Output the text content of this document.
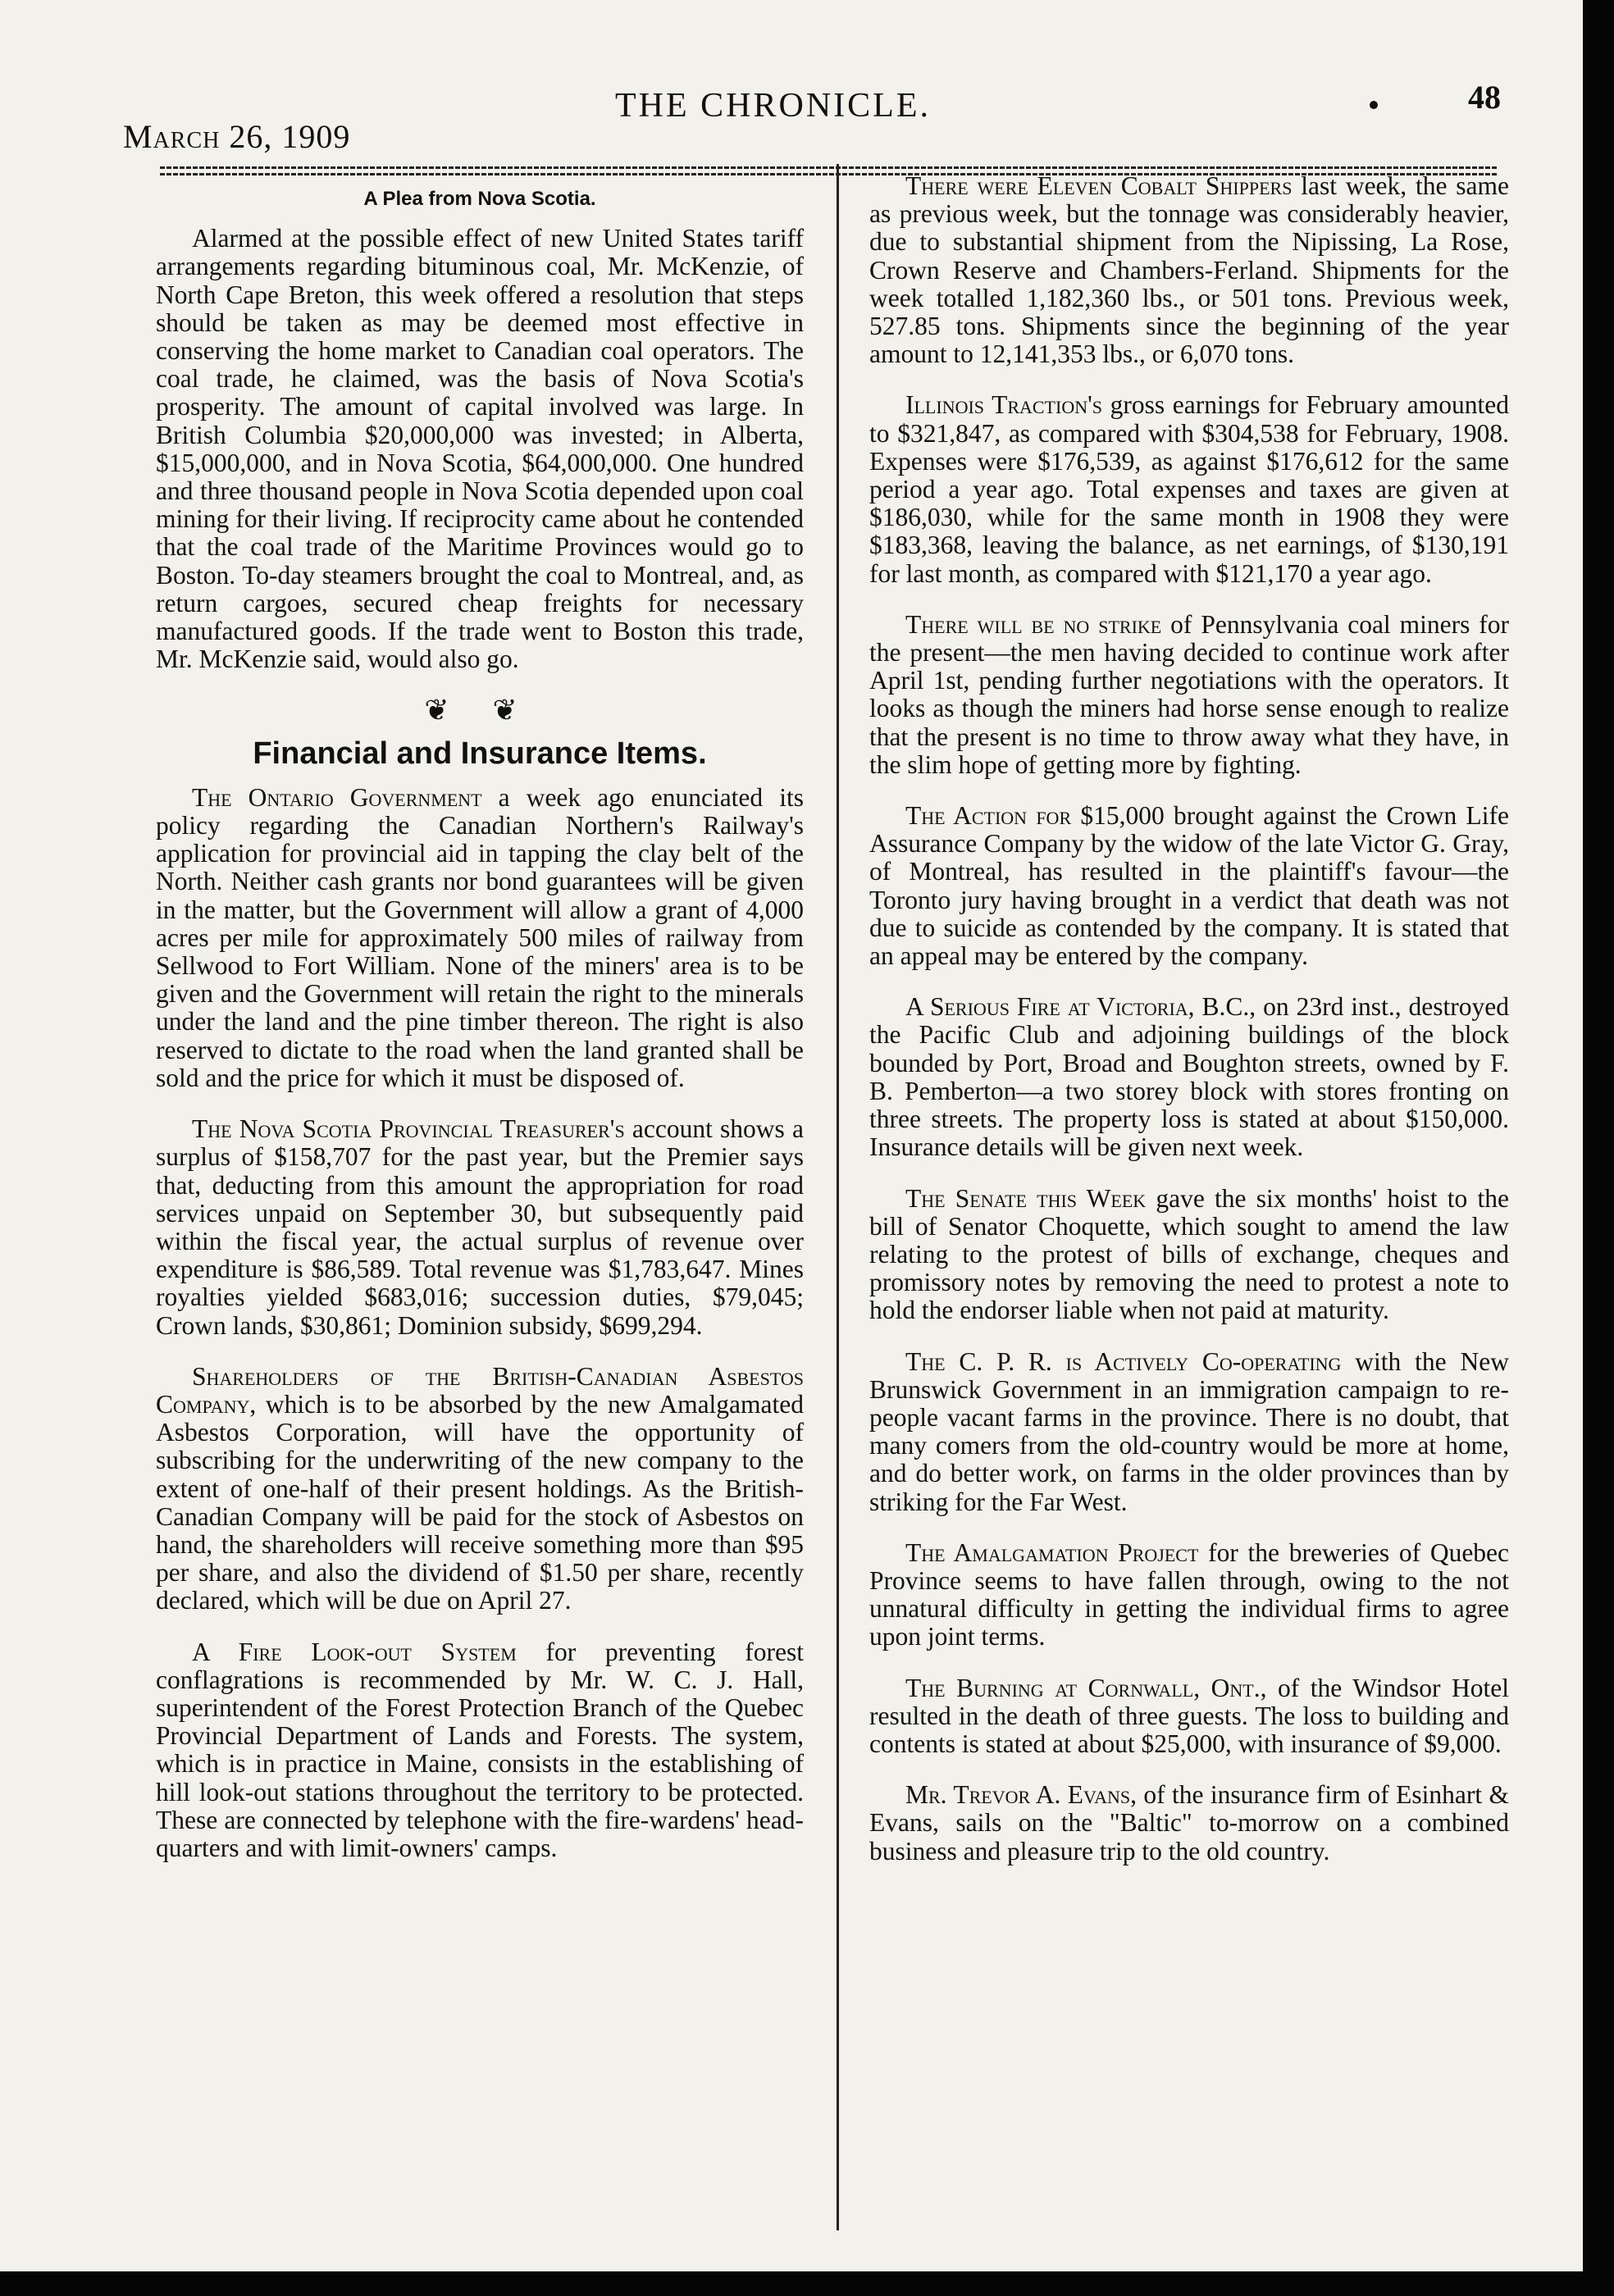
March 26, 1909
THE CHRONICLE.	48
A Plea from Nova Scotia.

Alarmed at the possible effect of new United States tariff arrangements regarding bituminous coal, Mr. McKenzie, of North Cape Breton, this week offered a resolution that steps should be taken as may be deemed most effective in conserving the home market to Canadian coal operators. The coal trade, he claimed, was the basis of Nova Scotia's prosperity. The amount of capital involved was large. In British Columbia $20,000,000 was invested; in Alberta, $15,000,000, and in Nova Scotia, $64,000,000. One hundred and three thousand people in Nova Scotia depended upon coal mining for their living. If reciprocity came about he contended that the coal trade of the Maritime Provinces would go to Boston. To-day steamers brought the coal to Montreal, and, as return cargoes, secured cheap freights for necessary manufactured goods. If the trade went to Boston this trade, Mr. McKenzie said, would also go.

❦ ❦
Financial and Insurance Items.

The Ontario Government a week ago enunciated its policy regarding the Canadian Northern's Railway's application for provincial aid in tapping the clay belt of the North. Neither cash grants nor bond guarantees will be given in the matter, but the Government will allow a grant of 4,000 acres per mile for approximately 500 miles of railway from Sellwood to Fort William. None of the miners' area is to be given and the Government will retain the right to the minerals under the land and the pine timber thereon. The right is also reserved to dictate to the road when the land granted shall be sold and the price for which it must be disposed of.

The Nova Scotia Provincial Treasurer's account shows a surplus of $158,707 for the past year, but the Premier says that, deducting from this amount the appropriation for road services unpaid on September 30, but subsequently paid within the fiscal year, the actual surplus of revenue over expenditure is $86,589. Total revenue was $1,783,647. Mines royalties yielded $683,016; succession duties, $79,045; Crown lands, $30,861; Dominion subsidy, $699,294.

Shareholders of the British-Canadian Asbestos Company, which is to be absorbed by the new Amalgamated Asbestos Corporation, will have the opportunity of subscribing for the underwriting of the new company to the extent of one-half of their present holdings. As the British-Canadian Company will be paid for the stock of Asbestos on hand, the shareholders will receive something more than $95 per share, and also the dividend of $1.50 per share, recently declared, which will be due on April 27.

A Fire Look-out System for preventing forest conflagrations is recommended by Mr. W. C. J. Hall, superintendent of the Forest Protection Branch of the Quebec Provincial Department of Lands and Forests. The system, which is in practice in Maine, consists in the establishing of hill look-out stations throughout the territory to be protected. These are connected by telephone with the fire-wardens' head-quarters and with limit-owners' camps.

There were Eleven Cobalt Shippers last week, the same as previous week, but the tonnage was considerably heavier, due to substantial shipment from the Nipissing, La Rose, Crown Reserve and Chambers-Ferland. Shipments for the week totalled 1,182,360 lbs., or 501 tons. Previous week, 527.85 tons. Shipments since the beginning of the year amount to 12,141,353 lbs., or 6,070 tons.

Illinois Traction's gross earnings for February amounted to $321,847, as compared with $304,538 for February, 1908. Expenses were $176,539, as against $176,612 for the same period a year ago. Total expenses and taxes are given at $186,030, while for the same month in 1908 they were $183,368, leaving the balance, as net earnings, of $130,191 for last month, as compared with $121,170 a year ago.

There will be no strike of Pennsylvania coal miners for the present—the men having decided to continue work after April 1st, pending further negotiations with the operators. It looks as though the miners had horse sense enough to realize that the present is no time to throw away what they have, in the slim hope of getting more by fighting.

The Action for $15,000 brought against the Crown Life Assurance Company by the widow of the late Victor G. Gray, of Montreal, has resulted in the plaintiff's favour—the Toronto jury having brought in a verdict that death was not due to suicide as contended by the company. It is stated that an appeal may be entered by the company.

A Serious Fire at Victoria, B.C., on 23rd inst., destroyed the Pacific Club and adjoining buildings of the block bounded by Port, Broad and Boughton streets, owned by F. B. Pemberton—a two storey block with stores fronting on three streets. The property loss is stated at about $150,000. Insurance details will be given next week.

The Senate this Week gave the six months' hoist to the bill of Senator Choquette, which sought to amend the law relating to the protest of bills of exchange, cheques and promissory notes by removing the need to protest a note to hold the endorser liable when not paid at maturity.

The C. P. R. is Actively Co-operating with the New Brunswick Government in an immigration campaign to re-people vacant farms in the province. There is no doubt, that many comers from the old-country would be more at home, and do better work, on farms in the older provinces than by striking for the Far West.

The Amalgamation Project for the breweries of Quebec Province seems to have fallen through, owing to the not unnatural difficulty in getting the individual firms to agree upon joint terms.

The Burning at Cornwall, Ont., of the Windsor Hotel resulted in the death of three guests. The loss to building and contents is stated at about $25,000, with insurance of $9,000.

Mr. Trevor A. Evans, of the insurance firm of Esinhart & Evans, sails on the "Baltic" to-morrow on a combined business and pleasure trip to the old country.
